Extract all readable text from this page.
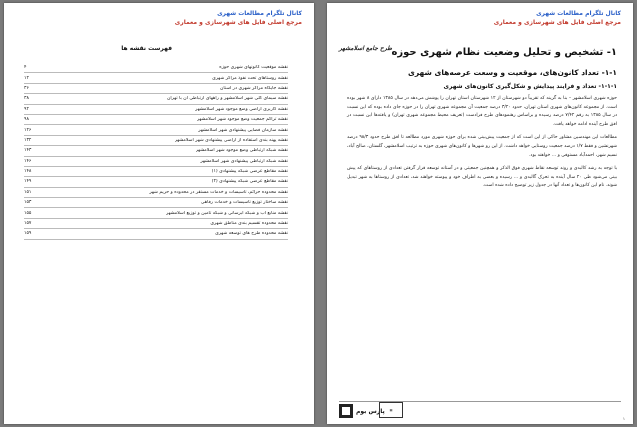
کانال تلگرام مطالعات شهری
مرجع اصلی فایل های شهرسازی و معماری
فهرست نقشه ها
۴	نقشه موقعیت کانونهای شهری حوزه
۱۲	نقشه روستاهای تحت نفوذ مراکز شهری
۳۶	نقشه جایگاه مراکز شهری در استان
۳۸	نقشه سیمای کلی شهر اسلامشهر و راههای ارتباطی آن با تهران
۹۲	نقشه کاربری اراضی وضع موجود شهر اسلامشهر
۹۸	نقشه تراکم جمعیت وضع موجود شهر اسلامشهر
۱۲۶	نقشه سازمان فضایی پیشنهادی شهر اسلامشهر
۱۳۲	نقشه پهنه بندی استفاده از اراضی پیشنهادی شهر اسلامشهر
۱۴۳	نقشه شبکه ارتباطی وضع موجود شهر اسلامشهر
۱۴۶	نقشه شبکه ارتباطی پیشنهادی شهر اسلامشهر
۱۴۸	نقشه مقاطع عرضی شبکه پیشنهادی (۱)
۱۴۹	نقشه مقاطع عرضی شبکه پیشنهادی (۲)
۱۵۱	نقشه محدوده حرائم، تاسیسات و خدمات مستقر در محدوده و حریم شهر
۱۵۳	نقشه ساختار توزیع تاسیسات و خدمات رفاهی
۱۵۵	نقشه منابع آب و شبکه آبرسانی و شبکه تامین و توزیع اسلامشهر
۱۵۷	نقشه محدوده تقسیم بندی مناطق شهری
۱۵۹	نقشه محدوده طرح های توسعه شهری
کانال تلگرام مطالعات شهری
مرجع اصلی فایل های شهرسازی و معماری
طرح جامع اسلامشهر ۱- تشخیص و تحلیل وضعیت نظام شهری حوزه
۱-۱- تعداد کانون‌های، موقعیت و وسعت عرصه‌های شهری
۱-۱-۱- تعداد و فرایند پیدایش و شکل‌گیری کانون‌های شهری

حوزه شهری اسلامشهر – بنا به گزینه که تقریباً دو شهرستان از ۱۲ شهرستان استان تهران را پوشش می‌دهد در سال ۱۳۸۵ دارای ۸ شهر بوده است. از مجموعه کانون‌های شهری استان تهران، حدود ۳/۲۰ درصد جمعیت آن مجموعه شهری تهران را در حوزه جای داده بوده که این نسبت در سال ۱۳۸۵ به رقم ۷/۴۲ درصد رسیده و براساس رهنمودهای طرح فرادست (تعریف محیط مجموعه شهری تهران) و یافته‌ها این نسبت در افق طرح آینده ادامه خواهد یافت.

مطالعات این مهندسین مشاور حاکی از این است که از جمعیت پیش‌بینی شده برای حوزه شهری مورد مطالعه تا افق طرح حدود ۹۸/۳ درصد شهرنشین و فقط ۱/۷ درصد جمعیت روستایی خواهد داشت. از این رو شهرها و کانون‌های شهری حوزه به ترتیب اسلامشهر، گلستان، صالح آباد، نسیم شهر، احمدآباد مستوفی و ... خواهند بود.

با توجه به رشد کالبدی و روند توسعه نقاط شهری فوق الذکر و همچنین جمعیتی و در آستانه توسعه قرار گرفتن تعدادی از روستاهای که پیش بینی می‌شود طی ۲۰ سال آینده به تحرک گالبدی و ... رسیده و بعضی به اطراف خود و پیوسته خواهند شد، تعدادی از روستاها به شهر تبدیل شوند. نام این کانون‌ها و تعداد آنها در جدول زیر توضیح داده شده است.

پارس بوم	▦
۱
